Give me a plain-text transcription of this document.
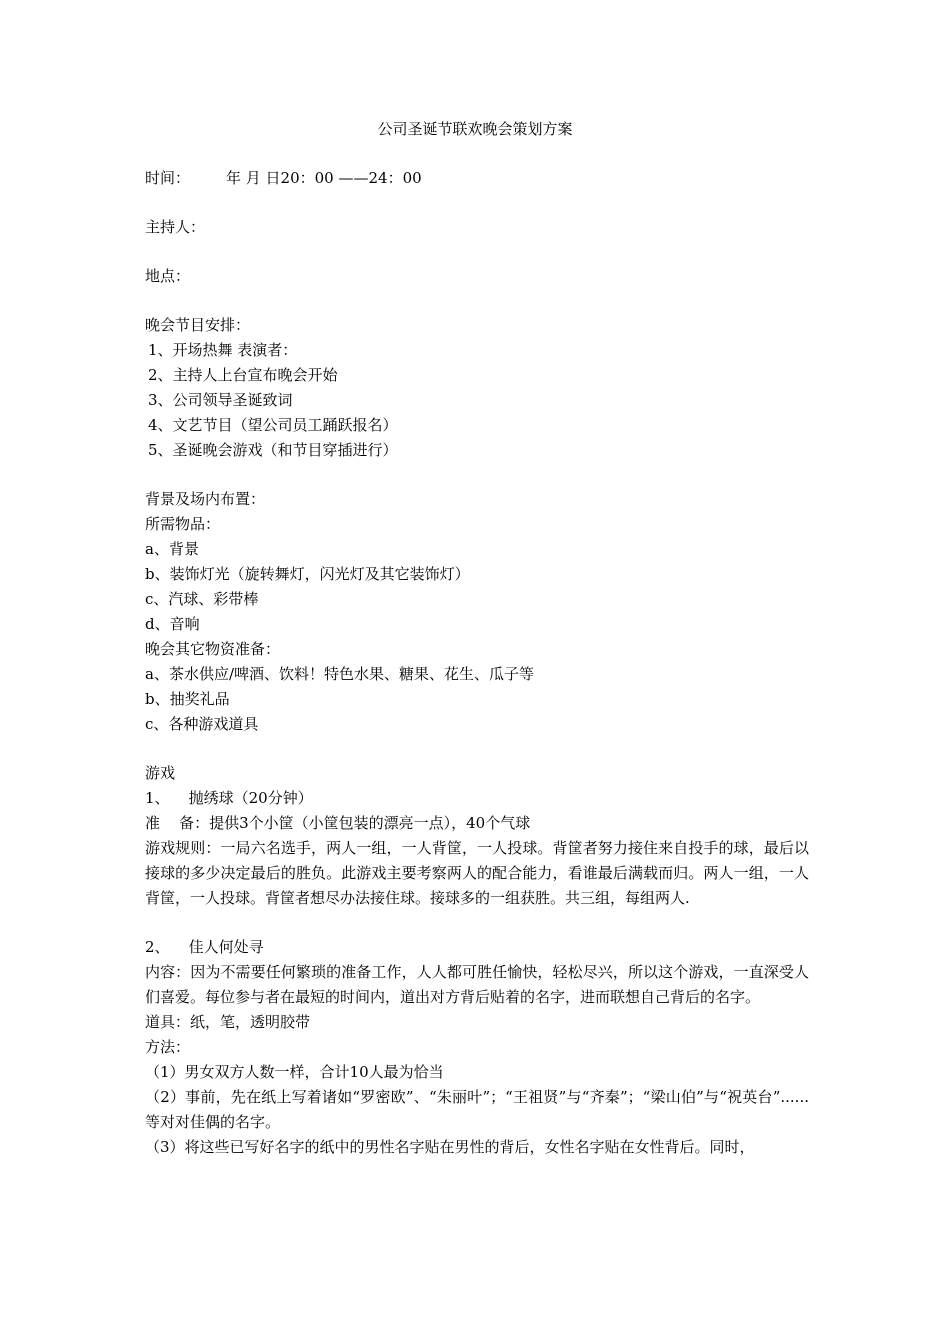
公司圣诞节联欢晚会策划方案
时间： 年 月 日20：00 ——24：00
主持人：
地点：
晚会节目安排：
1、开场热舞 表演者：
2、主持人上台宣布晚会开始
3、公司领导圣诞致词
4、文艺节目（望公司员工踊跃报名）
5、圣诞晚会游戏（和节目穿插进行）
背景及场内布置：
所需物品：
a、背景
b、装饰灯光（旋转舞灯，闪光灯及其它装饰灯）
c、汽球、彩带棒
d、音响
晚会其它物资准备：
a、茶水供应/啤酒、饮料！特色水果、糖果、花生、瓜子等
b、抽奖礼品
c、各种游戏道具
游戏
1、    抛绣球（20分钟）
准    备：提供3个小筐（小筐包装的漂亮一点），40个气球
游戏规则：一局六名选手，两人一组，一人背筐，一人投球。背筐者努力接住来自投手的球，最后以接球的多少决定最后的胜负。此游戏主要考察两人的配合能力，看谁最后满载而归。两人一组，一人背筐，一人投球。背筐者想尽办法接住球。接球多的一组获胜。共三组，每组两人.
2、    佳人何处寻
内容：因为不需要任何繁琐的准备工作，人人都可胜任愉快，轻松尽兴，所以这个游戏，一直深受人们喜爱。每位参与者在最短的时间内，道出对方背后贴着的名字，进而联想自己背后的名字。
道具：纸，笔，透明胶带
方法：
（1）男女双方人数一样，合计10人最为恰当
（2）事前，先在纸上写着诸如“罗密欧”、“朱丽叶”；“王祖贤”与“齐秦”；“梁山伯”与“祝英台”......等对对佳偶的名字。
（3）将这些已写好名字的纸中的男性名字贴在男性的背后，女性名字贴在女性背后。同时，
